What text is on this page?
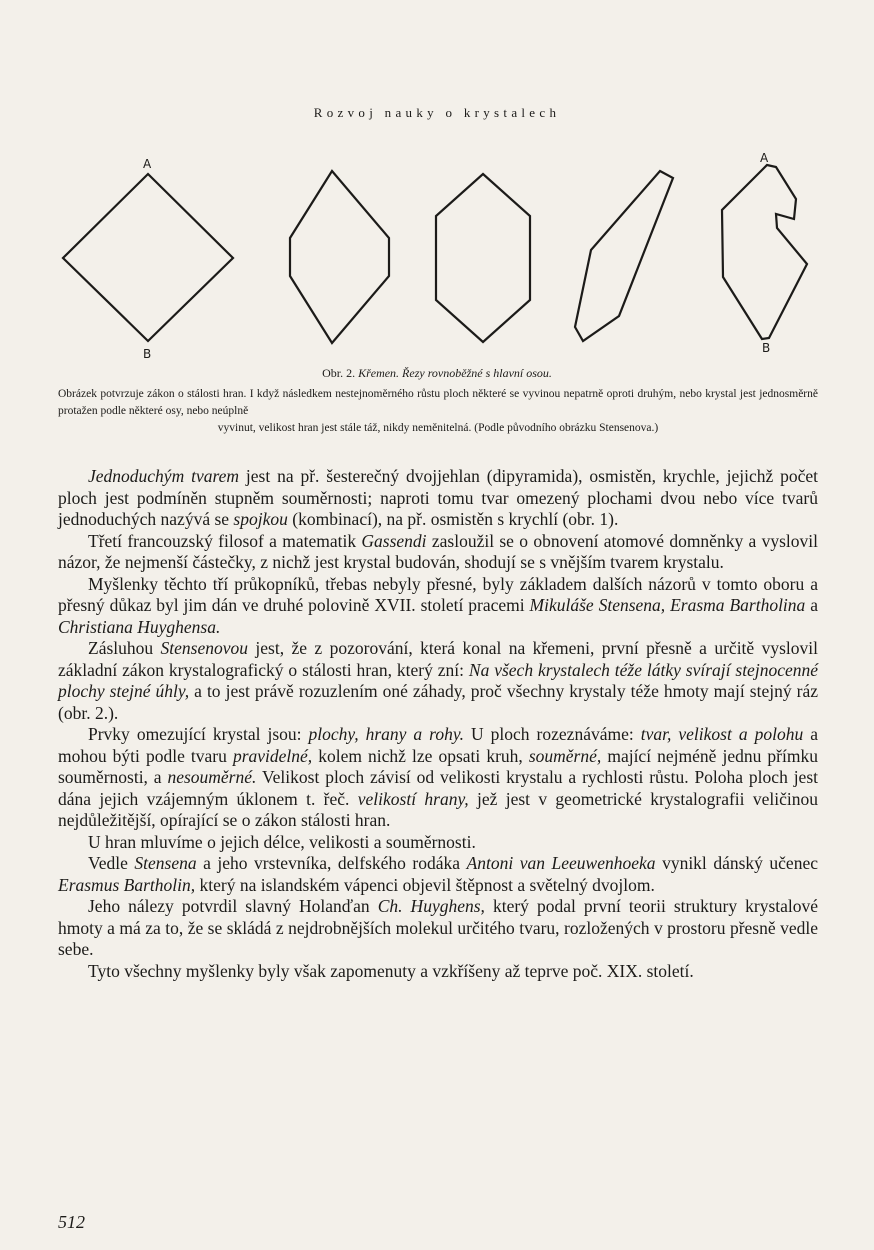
Rozvoj nauky o krystalech
A
B
A
B
Obr. 2. Křemen. Řezy rovnoběžné s hlavní osou.
Obrázek potvrzuje zákon o stálosti hran. I když následkem nestejnoměrného růstu ploch některé se vyvinou nepatrně oproti druhým, nebo krystal jest jednosměrně protažen podle některé osy, nebo neúplně
vyvinut, velikost hran jest stále táž, nikdy neměnitelná. (Podle původního obrázku Stensenova.)

Jednoduchým tvarem jest na př. šesterečný dvojjehlan (dipyramida), osmistěn, krychle, jejichž počet ploch jest podmíněn stupněm souměrnosti; naproti tomu tvar omezený plochami dvou nebo více tvarů jednoduchých nazývá se spojkou (kombinací), na př. osmistěn s krychlí (obr. 1).

Třetí francouzský filosof a matematik Gassendi zasloužil se o obnovení atomové domněnky a vyslovil názor, že nejmenší částečky, z nichž jest krystal budován, shodují se s vnějším tvarem krystalu.

Myšlenky těchto tří průkopníků, třebas nebyly přesné, byly základem dalších názorů v tomto oboru a přesný důkaz byl jim dán ve druhé polovině XVII. století pracemi Mikuláše Stensena, Erasma Bartholina a Christiana Huyghensa.

Zásluhou Stensenovou jest, že z pozorování, která konal na křemeni, první přesně a určitě vyslovil základní zákon krystalografický o stálosti hran, který zní: Na všech krystalech téže látky svírají stejnocenné plochy stejné úhly, a to jest právě rozuzlením oné záhady, proč všechny krystaly téže hmoty mají stejný ráz (obr. 2.).

Prvky omezující krystal jsou: plochy, hrany a rohy. U ploch rozeznáváme: tvar, velikost a polohu a mohou býti podle tvaru pravidelné, kolem nichž lze opsati kruh, souměrné, mající nejméně jednu přímku souměrnosti, a nesouměrné. Velikost ploch závisí od velikosti krystalu a rychlosti růstu. Poloha ploch jest dána jejich vzájemným úklonem t. řeč. velikostí hrany, jež jest v geometrické krystalografii veličinou nejdůležitější, opírající se o zákon stálosti hran.

U hran mluvíme o jejich délce, velikosti a souměrnosti.

Vedle Stensena a jeho vrstevníka, delfského rodáka Antoni van Leeuwenhoeka vynikl dánský učenec Erasmus Bartholin, který na islandském vápenci objevil štěpnost a světelný dvojlom.

Jeho nálezy potvrdil slavný Holanďan Ch. Huyghens, který podal první teorii struktury krystalové hmoty a má za to, že se skládá z nejdrobnějších molekul určitého tvaru, rozložených v prostoru přesně vedle sebe.

Tyto všechny myšlenky byly však zapomenuty a vzkříšeny až teprve poč. XIX. století.

512
